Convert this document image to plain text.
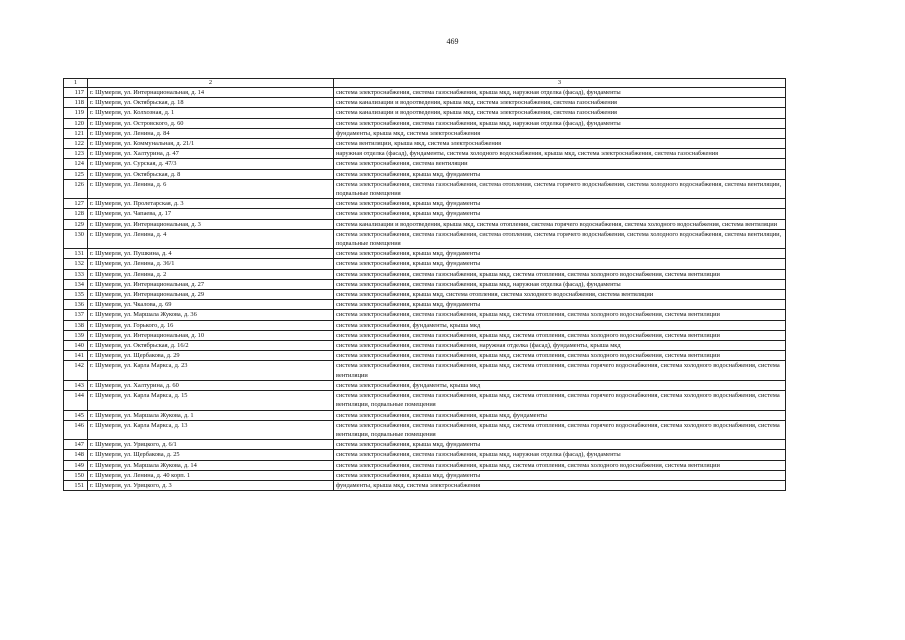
469
1	2	3
117	г. Шумерля, ул. Интернациональная, д. 14	система электроснабжения, система газоснабжения, крыша мкд, наружная отделка (фасад), фундаменты
118	г. Шумерля, ул. Октябрьская, д. 18	система канализации и водоотведения, крыша мкд, система электроснабжения, система газоснабжения
119	г. Шумерля, ул. Колхозная, д. 1	система канализации и водоотведения, крыша мкд, система электроснабжения, система газоснабжения
120	г. Шумерля, ул. Островского, д. 60	система электроснабжения, система газоснабжения, крыша мкд, наружная отделка (фасад), фундаменты
121	г. Шумерля, ул. Ленина, д. 84	фундаменты, крыша мкд, система электроснабжения
122	г. Шумерля, ул. Коммунальная, д. 21/1	система вентиляции, крыша мкд, система электроснабжения
123	г. Шумерля, ул. Халтурина, д. 47	наружная отделка (фасад), фундаменты, система холодного водоснабжения, крыша мкд, система электроснабжения, система газоснабжения
124	г. Шумерля, ул. Сурская, д. 47/3	система электроснабжения, система вентиляции
125	г. Шумерля, ул. Октябрьская, д. 8	система электроснабжения, крыша мкд, фундаменты
126	г. Шумерля, ул. Ленина, д. 6	система электроснабжения, система газоснабжения, система отопления, система горячего водоснабжения, система холодного водоснабжения, система вентиляции, подвальные помещения
127	г. Шумерля, ул. Пролетарская, д. 3	система электроснабжения, крыша мкд, фундаменты
128	г. Шумерля, ул. Чапаева, д. 17	система электроснабжения, крыша мкд, фундаменты
129	г. Шумерля, ул. Интернациональная, д. 3	система канализации и водоотведения, крыша мкд, система отопления, система горячего водоснабжения, система холодного водоснабжения, система вентиляции
130	г. Шумерля, ул. Ленина, д. 4	система электроснабжения, система газоснабжения, система отопления, система горячего водоснабжения, система холодного водоснабжения, система вентиляции, подвальные помещения
131	г. Шумерля, ул. Пушкина, д. 4	система электроснабжения, крыша мкд, фундаменты
132	г. Шумерля, ул. Ленина, д. 36/1	система электроснабжения, крыша мкд, фундаменты
133	г. Шумерля, ул. Ленина, д. 2	система электроснабжения, система газоснабжения, крыша мкд, система отопления, система холодного водоснабжения, система вентиляции
134	г. Шумерля, ул. Интернациональная, д. 27	система электроснабжения, система газоснабжения, крыша мкд, наружная отделка (фасад), фундаменты
135	г. Шумерля, ул. Интернациональная, д. 29	система электроснабжения, крыша мкд, система отопления, система холодного водоснабжения, система вентиляции
136	г. Шумерля, ул. Чкалова, д. 69	система электроснабжения, крыша мкд, фундаменты
137	г. Шумерля, ул. Маршала Жукова, д. 36	система электроснабжения, система газоснабжения, крыша мкд, система отопления, система холодного водоснабжения, система вентиляции
138	г. Шумерля, ул. Горького, д. 16	система электроснабжения, фундаменты, крыша мкд
139	г. Шумерля, ул. Интернациональная, д. 10	система электроснабжения, система газоснабжения, крыша мкд, система отопления, система холодного водоснабжения, система вентиляции
140	г. Шумерля, ул. Октябрьская, д. 16/2	система электроснабжения, система газоснабжения, наружная отделка (фасад), фундаменты, крыша мкд
141	г. Шумерля, ул. Щербакова, д. 29	система электроснабжения, система газоснабжения, крыша мкд, система отопления, система холодного водоснабжения, система вентиляции
142	г. Шумерля, ул. Карла Маркса, д. 23	система электроснабжения, система газоснабжения, крыша мкд, система отопления, система горячего водоснабжения, система холодного водоснабжения, система вентиляции
143	г. Шумерля, ул. Халтурина, д. 60	система электроснабжения, фундаменты, крыша мкд
144	г. Шумерля, ул. Карла Маркса, д. 15	система электроснабжения, система газоснабжения, крыша мкд, система отопления, система горячего водоснабжения, система холодного водоснабжения, система вентиляции, подвальные помещения
145	г. Шумерля, ул. Маршала Жукова, д. 1	система электроснабжения, система газоснабжения, крыша мкд, фундаменты
146	г. Шумерля, ул. Карла Маркса, д. 13	система электроснабжения, система газоснабжения, крыша мкд, система отопления, система горячего водоснабжения, система холодного водоснабжения, система вентиляции, подвальные помещения
147	г. Шумерля, ул. Урицкого, д. 6/1	система электроснабжения, крыша мкд, фундаменты
148	г. Шумерля, ул. Щербакова, д. 25	система электроснабжения, система газоснабжения, крыша мкд, наружная отделка (фасад), фундаменты
149	г. Шумерля, ул. Маршала Жукова, д. 14	система электроснабжения, система газоснабжения, крыша мкд, система отопления, система холодного водоснабжения, система вентиляции
150	г. Шумерля, ул. Ленина, д. 40 корп. 1	система электроснабжения, крыша мкд, фундаменты
151	г. Шумерля, ул. Урицкого, д. 3	фундаменты, крыша мкд, система электроснабжения
